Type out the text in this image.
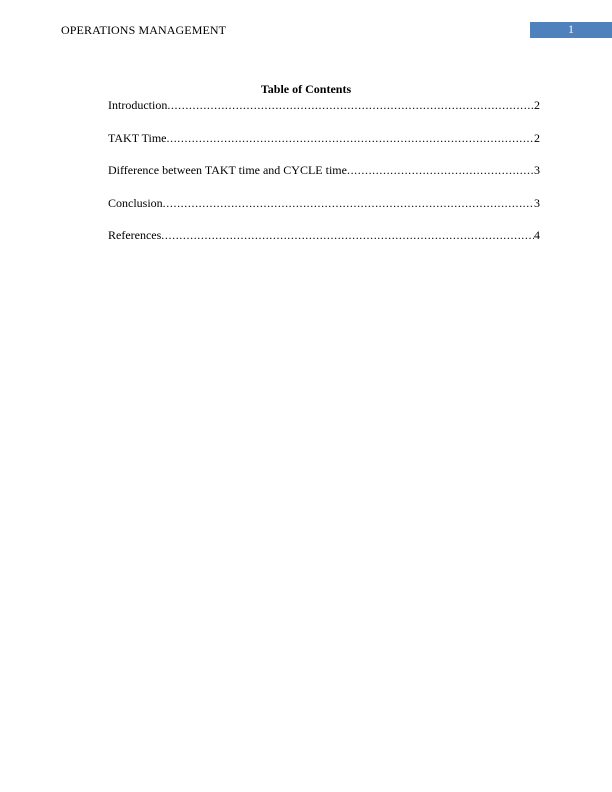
OPERATIONS MANAGEMENT	1
Table of Contents
Introduction .....	2
TAKT Time .....	2
Difference between TAKT time and CYCLE time .....	3
Conclusion .....	3
References .....	4
